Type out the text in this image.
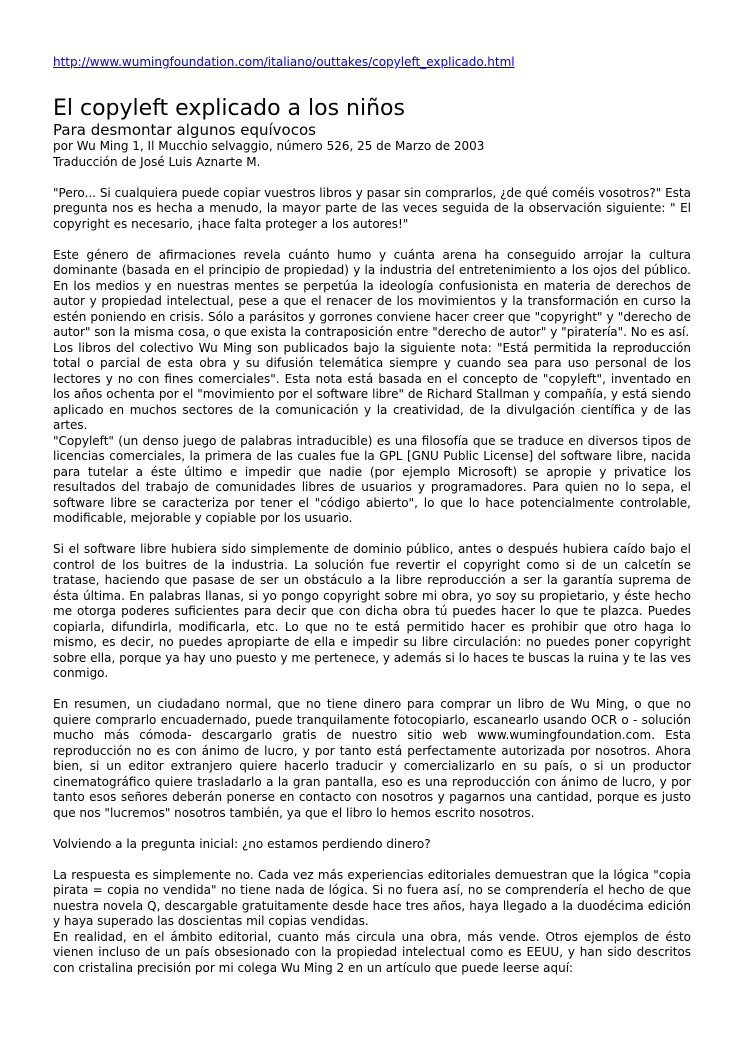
http://www.wumingfoundation.com/italiano/outtakes/copyleft_explicado.html
El copyleft explicado a los niños
Para desmontar algunos equívocos

por Wu Ming 1, Il Mucchio selvaggio, número 526, 25 de Marzo de 2003

Traducción de José Luis Aznarte M.

"Pero... Si cualquiera puede copiar vuestros libros y pasar sin comprarlos, ¿de qué coméis vosotros?" Esta pregunta nos es hecha a menudo, la mayor parte de las veces seguida de la observación siguiente: " El copyright es necesario, ¡hace falta proteger a los autores!"

Este género de afirmaciones revela cuánto humo y cuánta arena ha conseguido arrojar la cultura dominante (basada en el principio de propiedad) y la industria del entretenimiento a los ojos del público. En los medios y en nuestras mentes se perpetúa la ideología confusionista en materia de derechos de autor y propiedad intelectual, pese a que el renacer de los movimientos y la transformación en curso la estén poniendo en crisis. Sólo a parásitos y gorrones conviene hacer creer que "copyright" y "derecho de autor" son la misma cosa, o que exista la contraposición entre "derecho de autor" y "piratería". No es así.

Los libros del colectivo Wu Ming son publicados bajo la siguiente nota: "Está permitida la reproducción total o parcial de esta obra y su difusión telemática siempre y cuando sea para uso personal de los lectores y no con fines comerciales". Esta nota está basada en el concepto de "copyleft", inventado en los años ochenta por el "movimiento por el software libre" de Richard Stallman y compañía, y está siendo aplicado en muchos sectores de la comunicación y la creatividad, de la divulgación científica y de las artes.

"Copyleft" (un denso juego de palabras intraducible) es una filosofía que se traduce en diversos tipos de licencias comerciales, la primera de las cuales fue la GPL [GNU Public License] del software libre, nacida para tutelar a éste último e impedir que nadie (por ejemplo Microsoft) se apropie y privatice los resultados del trabajo de comunidades libres de usuarios y programadores. Para quien no lo sepa, el software libre se caracteriza por tener el "código abierto", lo que lo hace potencialmente controlable, modificable, mejorable y copiable por los usuario.

Si el software libre hubiera sido simplemente de dominio público, antes o después hubiera caído bajo el control de los buitres de la industria. La solución fue revertir el copyright como si de un calcetín se tratase, haciendo que pasase de ser un obstáculo a la libre reproducción a ser la garantía suprema de ésta última. En palabras llanas, si yo pongo copyright sobre mi obra, yo soy su propietario, y éste hecho me otorga poderes suficientes para decir que con dicha obra tú puedes hacer lo que te plazca. Puedes copiarla, difundirla, modificarla, etc. Lo que no te está permitido hacer es prohibir que otro haga lo mismo, es decir, no puedes apropiarte de ella e impedir su libre circulación: no puedes poner copyright sobre ella, porque ya hay uno puesto y me pertenece, y además si lo haces te buscas la ruina y te las ves conmigo.

En resumen, un ciudadano normal, que no tiene dinero para comprar un libro de Wu Ming, o que no quiere comprarlo encuadernado, puede tranquilamente fotocopiarlo, escanearlo usando OCR o - solución mucho más cómoda- descargarlo gratis de nuestro sitio web www.wumingfoundation.com. Esta reproducción no es con ánimo de lucro, y por tanto está perfectamente autorizada por nosotros. Ahora bien, si un editor extranjero quiere hacerlo traducir y comercializarlo en su país, o si un productor cinematográfico quiere trasladarlo a la gran pantalla, eso es una reproducción con ánimo de lucro, y por tanto esos señores deberán ponerse en contacto con nosotros y pagarnos una cantidad, porque es justo que nos "lucremos" nosotros también, ya que el libro lo hemos escrito nosotros.

Volviendo a la pregunta inicial: ¿no estamos perdiendo dinero?

La respuesta es simplemente no. Cada vez más experiencias editoriales demuestran que la lógica "copia pirata = copia no vendida" no tiene nada de lógica. Si no fuera así, no se comprendería el hecho de que nuestra novela Q, descargable gratuitamente desde hace tres años, haya llegado a la duodécima edición y haya superado las doscientas mil copias vendidas.

En realidad, en el ámbito editorial, cuanto más circula una obra, más vende. Otros ejemplos de ésto vienen incluso de un país obsesionado con la propiedad intelectual como es EEUU, y han sido descritos con cristalina precisión por mi colega Wu Ming 2 en un artículo que puede leerse aquí:
